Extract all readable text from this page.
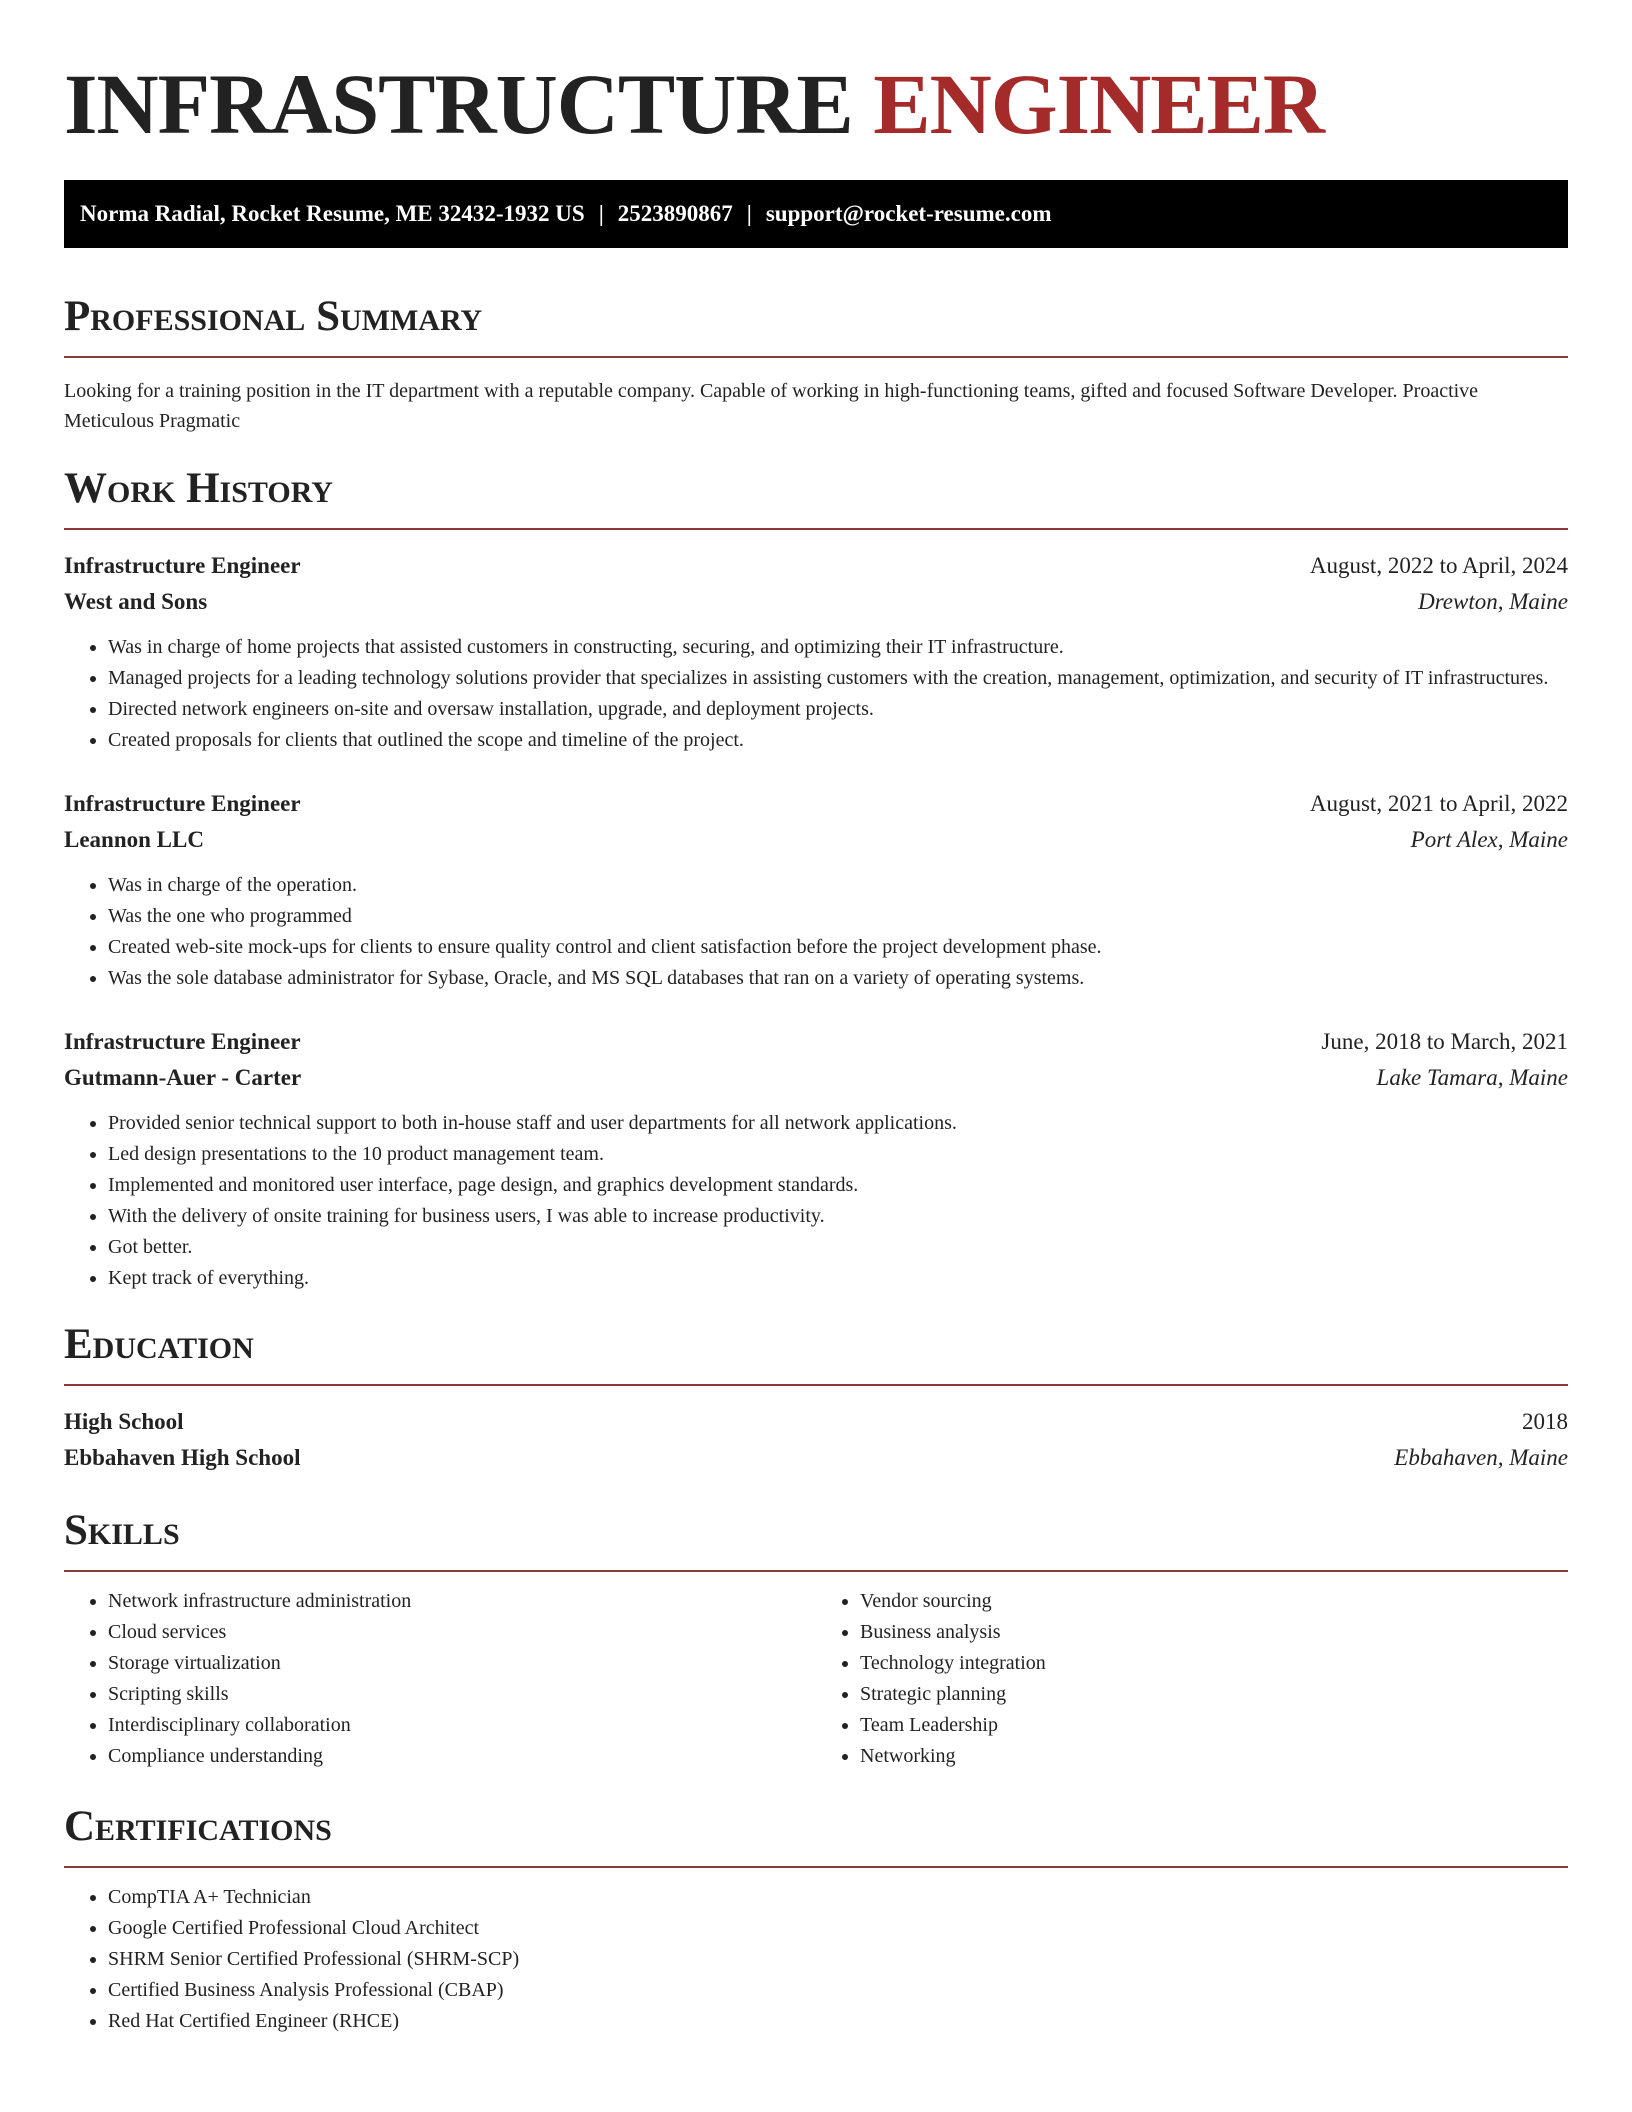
INFRASTRUCTURE ENGINEER
Norma Radial, Rocket Resume, ME 32432-1932 US | 2523890867 | support@rocket-resume.com
Professional Summary
Looking for a training position in the IT department with a reputable company. Capable of working in high-functioning teams, gifted and focused Software Developer. Proactive Meticulous Pragmatic
Work History
Infrastructure Engineer	August, 2022 to April, 2024
West and Sons	Drewton, Maine
• Was in charge of home projects that assisted customers in constructing, securing, and optimizing their IT infrastructure.
• Managed projects for a leading technology solutions provider that specializes in assisting customers with the creation, management, optimization, and security of IT infrastructures.
• Directed network engineers on-site and oversaw installation, upgrade, and deployment projects.
• Created proposals for clients that outlined the scope and timeline of the project.
Infrastructure Engineer	August, 2021 to April, 2022
Leannon LLC	Port Alex, Maine
• Was in charge of the operation.
• Was the one who programmed
• Created web-site mock-ups for clients to ensure quality control and client satisfaction before the project development phase.
• Was the sole database administrator for Sybase, Oracle, and MS SQL databases that ran on a variety of operating systems.
Infrastructure Engineer	June, 2018 to March, 2021
Gutmann-Auer - Carter	Lake Tamara, Maine
• Provided senior technical support to both in-house staff and user departments for all network applications.
• Led design presentations to the 10 product management team.
• Implemented and monitored user interface, page design, and graphics development standards.
• With the delivery of onsite training for business users, I was able to increase productivity.
• Got better.
• Kept track of everything.
Education
High School	2018
Ebbahaven High School	Ebbahaven, Maine
Skills
• Network infrastructure administration
• Cloud services
• Storage virtualization
• Scripting skills
• Interdisciplinary collaboration
• Compliance understanding
• Vendor sourcing
• Business analysis
• Technology integration
• Strategic planning
• Team Leadership
• Networking
Certifications
• CompTIA A+ Technician
• Google Certified Professional Cloud Architect
• SHRM Senior Certified Professional (SHRM-SCP)
• Certified Business Analysis Professional (CBAP)
• Red Hat Certified Engineer (RHCE)
